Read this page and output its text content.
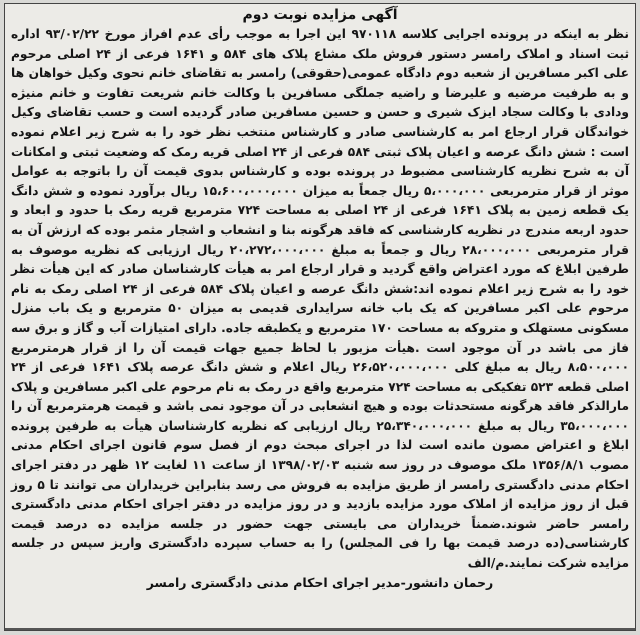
آگهی مزایده نوبت دوم
نظر به اینکه در پرونده اجرایی کلاسه ۹۷۰۱۱۸ این اجرا به موجب رأی عدم افراز مورخ ۹۳/۰۲/۲۲ اداره ثبت اسناد و املاک رامسر دستور فروش ملک مشاع پلاک های ۵۸۴ و ۱۶۴۱ فرعی از ۲۴ اصلی مرحوم علی اکبر مسافرین از شعبه دوم دادگاه عمومی(حقوقی) رامسر به تقاضای خانم نحوی وکیل خواهان ها و به طرفیت مرضیه و علیرضا و راضیه جملگی مسافرین با وکالت خانم شریعت تفاوت و خانم منیژه ودادی با وکالت سجاد ایزک شیری و حسن و حسین مسافرین صادر گردیده است و حسب تقاضای وکیل خواندگان قرار ارجاع امر به کارشناسی صادر و کارشناس منتخب نظر خود را به شرح زیر اعلام نموده است : شش دانگ عرصه و اعیان پلاک ثبتی ۵۸۴ فرعی از ۲۴ اصلی قریه رمک که وضعیت ثبتی و امکانات آن به شرح نظریه کارشناسی مضبوط در پرونده بوده و کارشناس بدوی قیمت آن را باتوجه به عوامل موثر از قرار مترمربعی ۵،۰۰۰،۰۰۰ ریال جمعاً به میزان ۱۵،۶۰۰،۰۰۰،۰۰۰ ریال برآورد نموده و شش دانگ یک قطعه زمین به پلاک ۱۶۴۱ فرعی از ۲۴ اصلی به مساحت ۷۲۴ مترمربع قریه رمک با حدود و ابعاد و حدود اربعه مندرج در نظریه کارشناسی که فاقد هرگونه بنا و انشعاب و اشجار مثمر بوده که ارزش آن به قرار مترمربعی ۲۸،۰۰۰،۰۰۰ ریال و جمعاً به مبلغ ۲۰،۲۷۲،۰۰۰،۰۰۰ ریال ارزیابی که نظریه موصوف به طرفین ابلاغ که مورد اعتراض واقع گردید و قرار ارجاع امر به هیأت کارشناسان صادر که این هیأت نظر خود را به شرح زیر اعلام نموده اند:شش دانگ عرصه و اعیان پلاک ۵۸۴ فرعی از ۲۴ اصلی رمک به نام مرحوم علی اکبر مسافرین که یک باب خانه سرایداری قدیمی به میزان ۵۰ مترمربع و یک باب منزل مسکونی مستهلک و متروکه به مساحت ۱۷۰ مترمربع و یکطبقه جاده. دارای امتیازات آب و گاز و برق سه فاز می باشد در آن موجود است .هیأت مزبور با لحاظ جمیع جهات قیمت آن را از قرار هرمترمربع ۸،۵۰۰،۰۰۰ ریال به مبلغ کلی ۲۶،۵۲۰،۰۰۰،۰۰۰ ریال اعلام و شش دانگ عرصه پلاک ۱۶۴۱ فرعی از ۲۴ اصلی قطعه ۵۲۳ تفکیکی به مساحت ۷۲۴ مترمربع واقع در رمک به نام مرحوم علی اکبر مسافرین و پلاک مارالذکر فاقد هرگونه مستحدثات بوده و هیچ انشعابی در آن موجود نمی باشد و قیمت هرمترمربع آن را ۳۵،۰۰۰،۰۰۰ ریال به مبلغ ۲۵،۳۴۰،۰۰۰،۰۰۰ ریال ارزیابی که نظریه کارشناسان هیأت به طرفین پرونده ابلاغ و اعتراض مصون مانده است لذا در اجرای مبحث دوم از فصل سوم قانون اجرای احکام مدنی مصوب ۱۳۵۶/۸/۱ ملک موصوف در روز سه شنبه ۱۳۹۸/۰۲/۰۳ از ساعت ۱۱ لغایت ۱۲ ظهر در دفتر اجرای احکام مدنی دادگستری رامسر از طریق مزایده به فروش می رسد بنابراین خریداران می توانند تا ۵ روز قبل از روز مزایده از املاک مورد مزایده بازدید و در روز مزایده در دفتر اجرای احکام مدنی دادگستری رامسر حاضر شوند.ضمناً خریداران می بایستی جهت حضور در جلسه مزایده ده درصد قیمت کارشناسی(ده درصد قیمت بها را فی المجلس) را به حساب سپرده دادگستری واریز سپس در جلسه مزایده شرکت نمایند.م/الف
رحمان دانشور-مدیر اجرای احکام مدنی دادگستری رامسر
